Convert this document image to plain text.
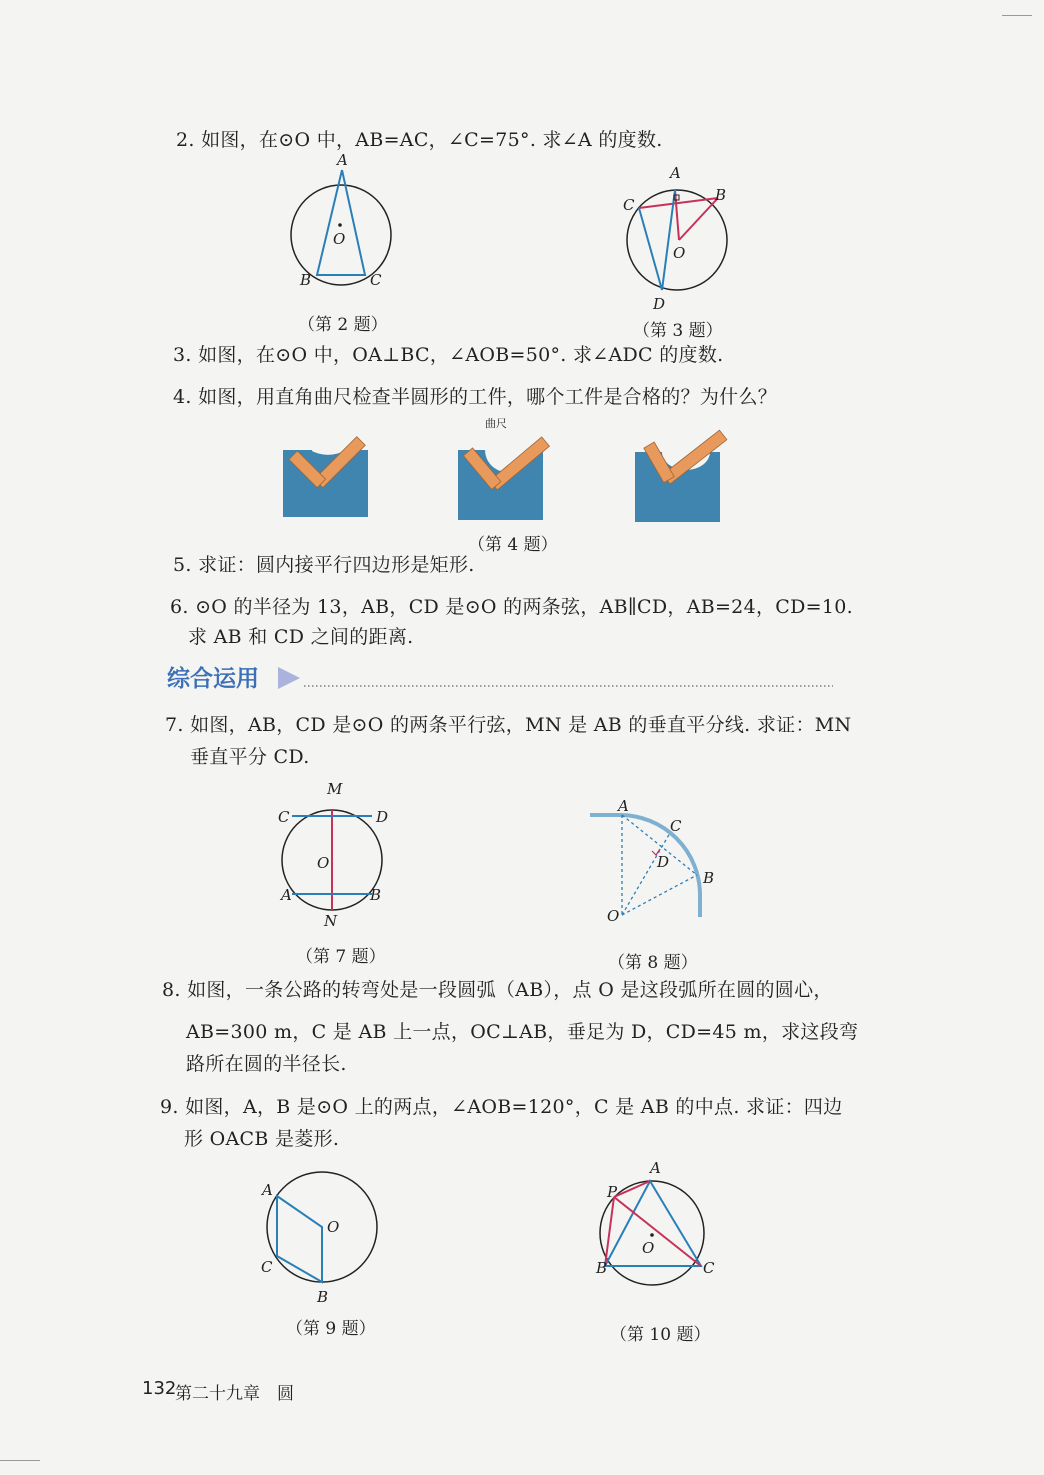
2. 如图，在⊙O 中，AB=AC，∠C=75°. 求∠A 的度数.
A
O
B	C
（第 2 题）
A
B
C
O
D
（第 3 题）
3. 如图，在⊙O 中，OA⊥BC，∠AOB=50°. 求∠ADC 的度数.
4. 如图，用直角曲尺检查半圆形的工件，哪个工件是合格的？为什么？
曲尺
（第 4 题）
5. 求证：圆内接平行四边形是矩形.
6. ⊙O 的半径为 13，AB，CD 是⊙O 的两条弦，AB∥CD，AB=24，CD=10.
求 AB 和 CD 之间的距离.
综合运用
7. 如图，AB，CD 是⊙O 的两条平行弦，MN 是 AB 的垂直平分线. 求证：MN
垂直平分 CD.
M
C	D
O
A	B
N
（第 7 题）
A
C
D
B
O
（第 8 题）
8. 如图，一条公路的转弯处是一段圆弧（AB），点 O 是这段弧所在圆的圆心，
AB=300 m，C 是 AB 上一点，OC⊥AB，垂足为 D，CD=45 m，求这段弯
路所在圆的半径长.
9. 如图，A，B 是⊙O 上的两点，∠AOB=120°，C 是 AB 的中点. 求证：四边
形 OACB 是菱形.
A
O
C
B
（第 9 题）
A
P
O
B	C
（第 10 题）
132
第二十九章　圆
